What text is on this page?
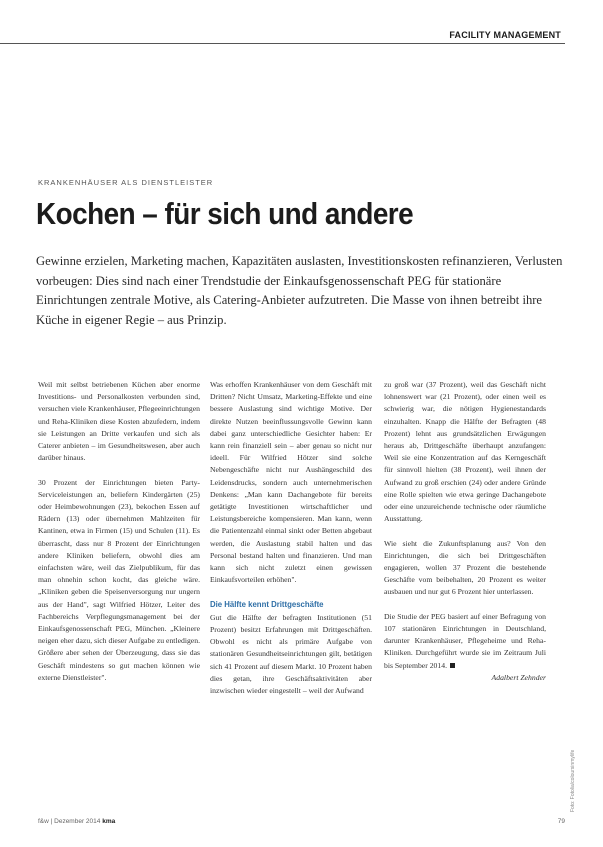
FACILITY MANAGEMENT
KRANKENHÄUSER ALS DIENSTLEISTER
Kochen – für sich und andere

Gewinne erzielen, Marketing machen, Kapazitäten auslasten, Investitionskosten refinanzieren, Verlusten vorbeugen: Dies sind nach einer Trendstudie der Einkaufsgenossenschaft PEG für stationäre Einrichtungen zentrale Motive, als Catering-Anbieter aufzutreten. Die Masse von ihnen betreibt ihre Küche in eigener Regie – aus Prinzip.

Weil mit selbst betriebenen Küchen aber enorme Investitions- und Personalkosten verbunden sind, versuchen viele Krankenhäuser, Pflegeeinrichtungen und Reha-Kliniken diese Kosten abzufedern, indem sie Leistungen an Dritte verkaufen und sich als Caterer anbieten – im Gesundheitswesen, aber auch darüber hinaus.

30 Prozent der Einrichtungen bieten Party-Serviceleistungen an, beliefern Kindergärten (25) oder Heimbewohnungen (23), bekochen Essen auf Rädern (13) oder übernehmen Mahlzeiten für Kantinen, etwa in Firmen (15) und Schulen (11). Es überrascht, dass nur 8 Prozent der Einrichtungen andere Kliniken beliefern, obwohl dies am einfachsten wäre, weil das Zielpublikum, für das man ohnehin schon kocht, das gleiche wäre. „Kliniken geben die Speisenversorgung nur ungern aus der Hand", sagt Wilfried Hötzer, Leiter des Fachbereichs Verpflegungsmanagement bei der Einkaufsgenossenschaft PEG, München. „Kleinere neigen eher dazu, sich dieser Aufgabe zu entledigen. Größere aber sehen der Überzeugung, dass sie das Geschäft mindestens so gut machen können wie externe Dienstleister".

Was erhoffen Krankenhäuser von dem Geschäft mit Dritten? Nicht Umsatz, Marketing-Effekte und eine bessere Auslastung sind wichtige Motive. Der direkte Nutzen beeinflussungsvolle Gewinn kann dabei ganz unterschiedliche Gesichter haben: Er kann rein finanziell sein – aber genau so nicht nur ideell. Für Wilfried Hötzer sind solche Nebengeschäfte nicht nur Aushängeschild des Leidensdrucks, sondern auch unternehmerischen Denkens: „Man kann Dachangebote für bereits getätigte Investitionen wirtschaftlicher und Leistungsbereiche kompensieren. Man kann, wenn die Patientenzahl einmal sinkt oder Betten abgebaut werden, die Auslastung stabil halten und das Personal bestand halten und finanzieren. Und man kann sich nicht zuletzt einen gewissen Einkaufsvorteilen erhöhen".

Die Hälfte kennt Drittgeschäfte

Gut die Hälfte der befragten Institutionen (51 Prozent) besitzt Erfahrungen mit Drittgeschäften. Obwohl es nicht als primäre Aufgabe von stationären Gesundheitseinrichtungen gilt, betätigen sich 41 Prozent auf diesem Markt. 10 Prozent haben dies getan, ihre Geschäftsaktivitäten aber inzwischen wieder eingestellt – weil der Aufwand

zu groß war (37 Prozent), weil das Geschäft nicht lohnenswert war (21 Prozent), oder einen weil es schwierig war, die nötigen Hygienestandards einzuhalten. Knapp die Hälfte der Befragten (48 Prozent) lehnt aus grundsätzlichen Erwägungen heraus ab, Drittgeschäfte überhaupt anzufangen: Weil sie eine Konzentration auf das Kerngeschäft für sinnvoll hielten (38 Prozent), weil ihnen der Aufwand zu groß erschien (24) oder andere Gründe eine Rolle spielten wie etwa geringe Dachangebote oder eine unzureichende technische oder räumliche Ausstattung.

Wie sieht die Zukunftsplanung aus? Von den Einrichtungen, die sich bei Drittgeschäften engagieren, wollen 37 Prozent die bestehende Geschäfte vom beibehalten, 20 Prozent es weiter ausbauen und nur gut 6 Prozent hier unterlassen.

Die Studie der PEG basiert auf einer Befragung von 107 stationären Einrichtungen in Deutschland, darunter Krankenhäuser, Pflegeheime und Reha-Kliniken. Durchgeführt wurde sie im Zeitraum Juli bis September 2014.

Adalbert Zehnder
Foto: Fotolia/coloursinmylife
f&w | Dezember 2014 kma	79
